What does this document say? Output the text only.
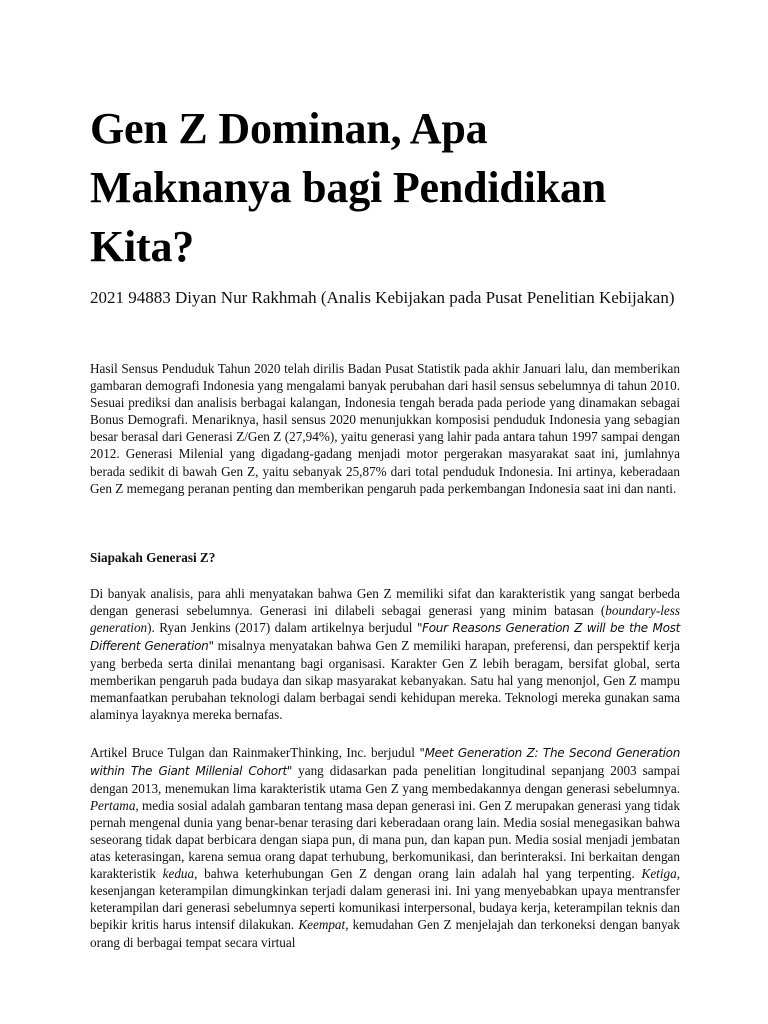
Gen Z Dominan, Apa Maknanya bagi Pendidikan Kita?
2021 94883 Diyan Nur Rakhmah (Analis Kebijakan pada Pusat Penelitian Kebijakan)

Hasil Sensus Penduduk Tahun 2020 telah dirilis Badan Pusat Statistik pada akhir Januari lalu, dan memberikan gambaran demografi Indonesia yang mengalami banyak perubahan dari hasil sensus sebelumnya di tahun 2010. Sesuai prediksi dan analisis berbagai kalangan, Indonesia tengah berada pada periode yang dinamakan sebagai Bonus Demografi. Menariknya, hasil sensus 2020 menunjukkan komposisi penduduk Indonesia yang sebagian besar berasal dari Generasi Z/Gen Z (27,94%), yaitu generasi yang lahir pada antara tahun 1997 sampai dengan 2012. Generasi Milenial yang digadang-gadang menjadi motor pergerakan masyarakat saat ini, jumlahnya berada sedikit di bawah Gen Z, yaitu sebanyak 25,87% dari total penduduk Indonesia. Ini artinya, keberadaan Gen Z memegang peranan penting dan memberikan pengaruh pada perkembangan Indonesia saat ini dan nanti.

Siapakah Generasi Z?

Di banyak analisis, para ahli menyatakan bahwa Gen Z memiliki sifat dan karakteristik yang sangat berbeda dengan generasi sebelumnya. Generasi ini dilabeli sebagai generasi yang minim batasan (boundary-less generation). Ryan Jenkins (2017) dalam artikelnya berjudul "Four Reasons Generation Z will be the Most Different Generation" misalnya menyatakan bahwa Gen Z memiliki harapan, preferensi, dan perspektif kerja yang berbeda serta dinilai menantang bagi organisasi. Karakter Gen Z lebih beragam, bersifat global, serta memberikan pengaruh pada budaya dan sikap masyarakat kebanyakan. Satu hal yang menonjol, Gen Z mampu memanfaatkan perubahan teknologi dalam berbagai sendi kehidupan mereka. Teknologi mereka gunakan sama alaminya layaknya mereka bernafas.

Artikel Bruce Tulgan dan RainmakerThinking, Inc. berjudul "Meet Generation Z: The Second Generation within The Giant Millenial Cohort" yang didasarkan pada penelitian longitudinal sepanjang 2003 sampai dengan 2013, menemukan lima karakteristik utama Gen Z yang membedakannya dengan generasi sebelumnya. Pertama, media sosial adalah gambaran tentang masa depan generasi ini. Gen Z merupakan generasi yang tidak pernah mengenal dunia yang benar-benar terasing dari keberadaan orang lain. Media sosial menegasikan bahwa seseorang tidak dapat berbicara dengan siapa pun, di mana pun, dan kapan pun. Media sosial menjadi jembatan atas keterasingan, karena semua orang dapat terhubung, berkomunikasi, dan berinteraksi. Ini berkaitan dengan karakteristik kedua, bahwa keterhubungan Gen Z dengan orang lain adalah hal yang terpenting. Ketiga, kesenjangan keterampilan dimungkinkan terjadi dalam generasi ini. Ini yang menyebabkan upaya mentransfer keterampilan dari generasi sebelumnya seperti komunikasi interpersonal, budaya kerja, keterampilan teknis dan bepikir kritis harus intensif dilakukan. Keempat, kemudahan Gen Z menjelajah dan terkoneksi dengan banyak orang di berbagai tempat secara virtual
